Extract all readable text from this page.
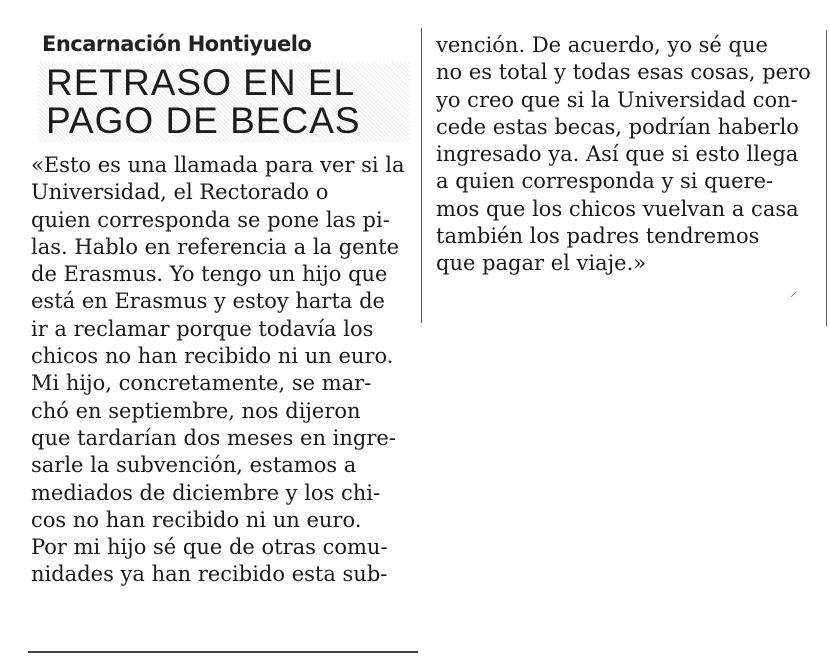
Encarnación Hontiyuelo
RETRASO EN EL
PAGO DE BECAS
«Esto es una llamada para ver si la
Universidad, el Rectorado o
quien corresponda se pone las pi-
las. Hablo en referencia a la gente
de Erasmus. Yo tengo un hijo que
está en Erasmus y estoy harta de
ir a reclamar porque todavía los
chicos no han recibido ni un euro.
Mi hijo, concretamente, se mar-
chó en septiembre, nos dijeron
que tardarían dos meses en ingre-
sarle la subvención, estamos a
mediados de diciembre y los chi-
cos no han recibido ni un euro.
Por mi hijo sé que de otras comu-
nidades ya han recibido esta sub-
vención. De acuerdo, yo sé que
no es total y todas esas cosas, pero
yo creo que si la Universidad con-
cede estas becas, podrían haberlo
ingresado ya. Así que si esto llega
a quien corresponda y si quere-
mos que los chicos vuelvan a casa
también los padres tendremos
que pagar el viaje.»
⸝
